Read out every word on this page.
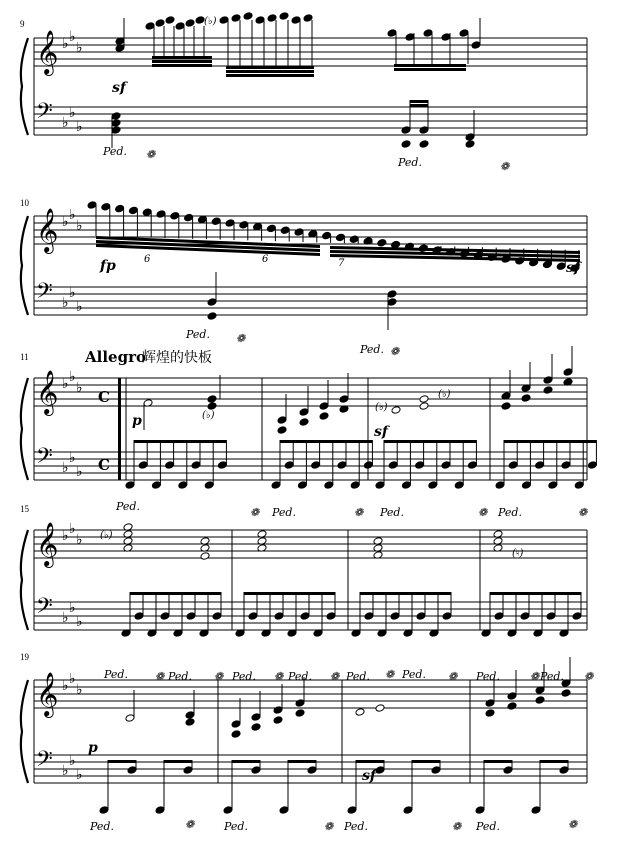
𝄞 ♭ ♭
♭
𝄢 ♭
♭
♭
𝄞 ♭ ♭
♭
𝄢 ♭
♭
♭
𝄞 ♭ ♭
♭
𝄢 ♭
♭
♭
𝄞 ♭ ♭
♭
𝄢 ♭
♭
♭
𝄞 ♭ ♭
♭
𝄢 ♭
♭
♭
9
10
11
15
19
Allegro
辉煌的快板
sf
fp	sf
p
sf
p
sf
6	6	7
(♭)
(♭)
(♭)
(♭)
(♭)
(♮)
C
C
Ped. ❁
Ped.	❁
Ped. ❁
Ped. ❁
Ped.	❁ Ped.	❁ Ped.	❁ Ped.	❁
Ped. ❁ Ped. ❁ Ped. ❁ Ped. ❁ Ped. ❁ Ped. ❁ Ped.	❁ Ped. ❁
Ped.	❁	Ped.	❁ Ped.	❁ Ped.	❁
